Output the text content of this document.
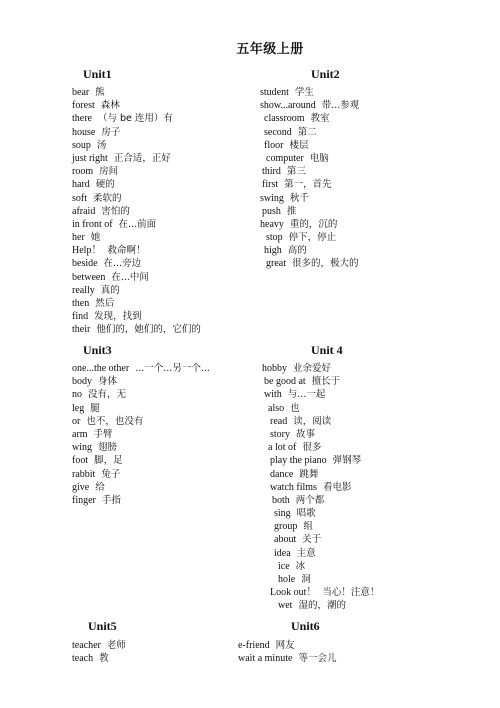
五年级上册
Unit1	Unit2
Unit3	Unit 4
Unit5	Unit6
bear 熊
forest 森林
there （与 be 连用）有
house 房子
soup 汤
just right 正合适，正好
room 房间
hard 硬的
soft 柔软的
afraid 害怕的
in front of 在...前面
her 她
Help！ 救命啊！
beside 在...旁边
between 在...中间
really 真的
then 然后
find 发现，找到
their 他们的，她们的，它们的
student 学生
show...around 带...参观
classroom 教室
second 第二
floor 楼层
computer 电脑
third 第三
first 第一，首先
swing 秋千
push 推
heavy 重的，沉的
stop 停下，停止
high 高的
great 很多的，极大的
one...the other ...一个...另一个...
body 身体
no 没有，无
leg 腿
or 也不，也没有
arm 手臂
wing 翅膀
foot 脚，足
rabbit 兔子
give 给
finger 手指
hobby 业余爱好
be good at 擅长于
with 与...一起
also 也
read 读，阅读
story 故事
a lot of 很多
play the piano 弹钢琴
dance 跳舞
watch films 看电影
both 两个都
sing 唱歌
group 组
about 关于
idea 主意
ice 冰
hole 洞
Look out！ 当心！注意！
wet 湿的，潮的
teacher 老师
teach 教
e-friend 网友
wait a minute 等一会儿
